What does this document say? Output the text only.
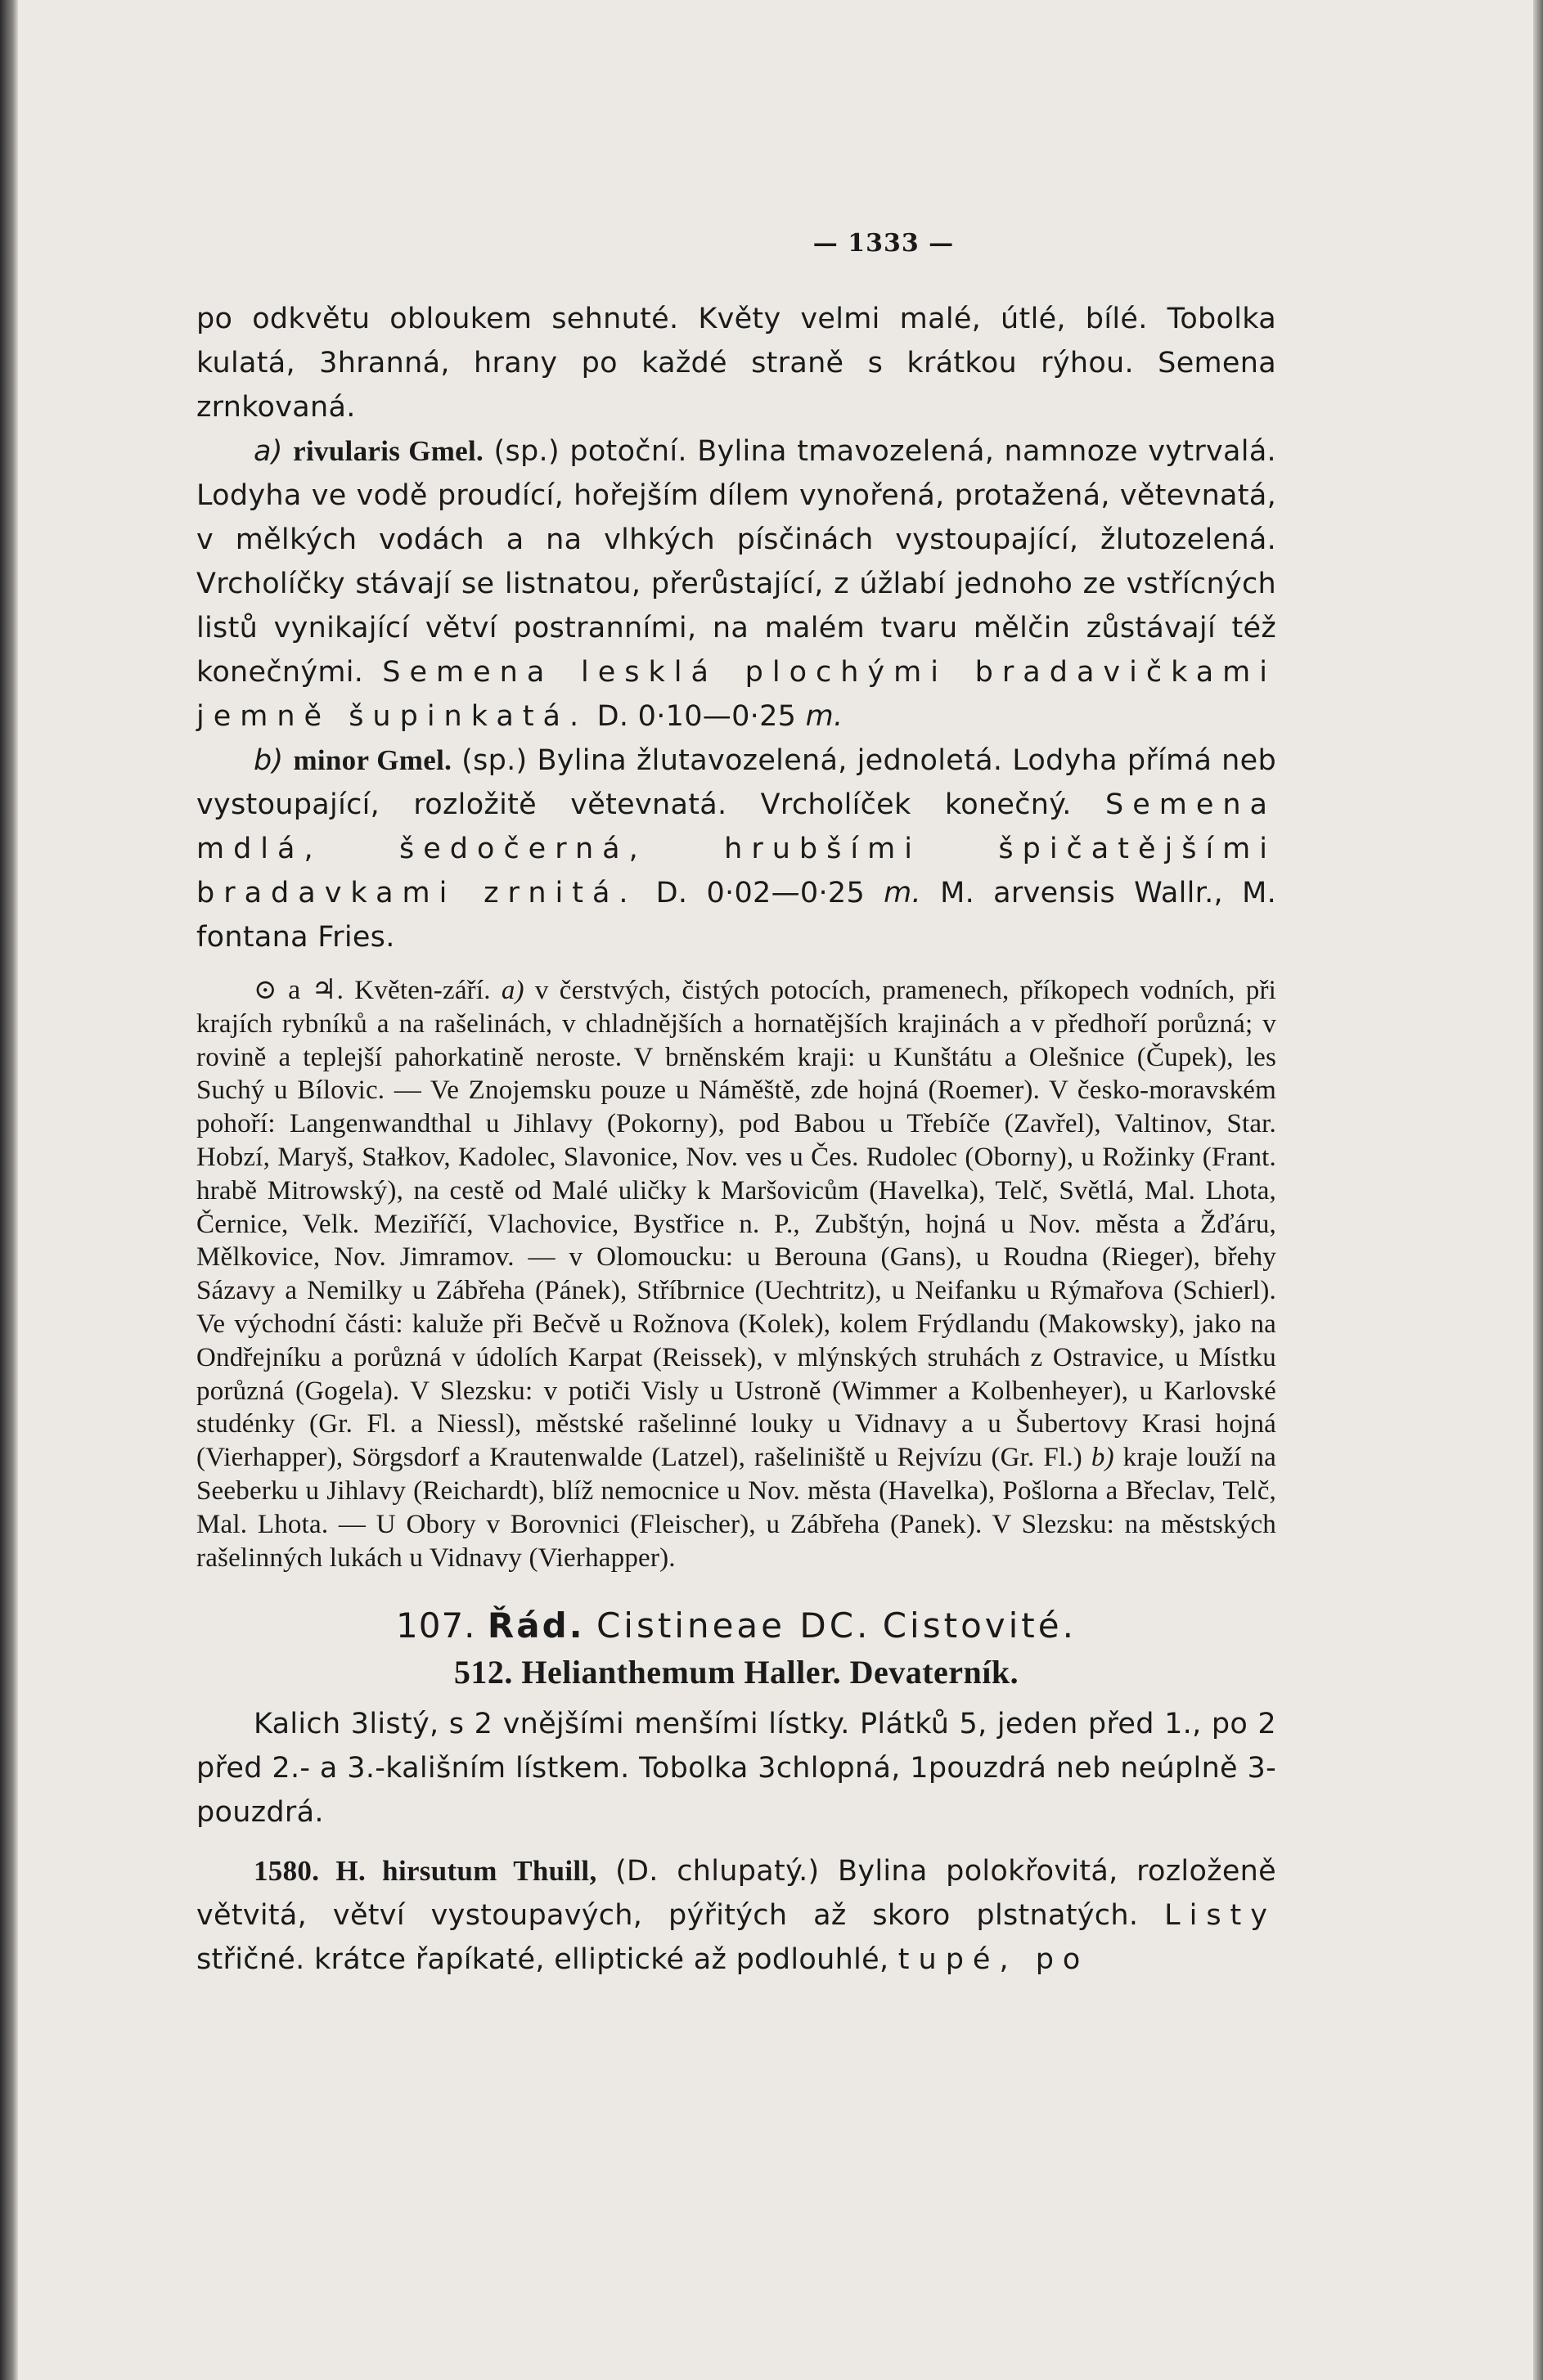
— 1333 —

po odkvětu obloukem sehnuté. Květy velmi malé, útlé, bílé. Tobolka kulatá, 3hranná, hrany po každé straně s krátkou rýhou. Semena zrnkovaná.

a) rivularis Gmel. (sp.) potoční. Bylina tmavozelená, namnoze vytrvalá. Lodyha ve vodě proudící, hořejším dílem vynořená, protažená, větevnatá, v mělkých vodách a na vlhkých písčinách vystoupající, žlutozelená. Vrcholíčky stávají se listnatou, přerůstající, z úžlabí jednoho ze vstřícných listů vynikající větví postranními, na malém tvaru mělčin zůstávají též konečnými. Semena lesklá plochými bradavičkami jemně šupinkatá. D. 0·10—0·25 m.

b) minor Gmel. (sp.) Bylina žlutavozelená, jednoletá. Lodyha přímá neb vystoupající, rozložitě větevnatá. Vrcholíček konečný. Semena mdlá, šedočerná, hrubšími špičatějšími bradavkami zrnitá. D. 0·02—0·25 m. M. arvensis Wallr., M. fontana Fries.

⊙ a ♃. Květen-září. a) v čerstvých, čistých potocích, pramenech, příkopech vodních, při krajích rybníků a na rašelinách, v chladnějších a hornatějších krajinách a v předhoří porůzná; v rovině a teplejší pahorkatině neroste. V brněnském kraji: u Kunštátu a Olešnice (Čupek), les Suchý u Bílovic. — Ve Znojemsku pouze u Náměště, zde hojná (Roemer). V česko-moravském pohoří: Langenwandthal u Jihlavy (Pokorny), pod Babou u Třebíče (Zavřel), Valtinov, Star. Hobzí, Maryš, Stałkov, Kadolec, Slavonice, Nov. ves u Čes. Rudolec (Oborny), u Rožinky (Frant. hrabě Mitrowský), na cestě od Malé uličky k Maršovicům (Havelka), Telč, Světlá, Mal. Lhota, Černice, Velk. Meziříčí, Vlachovice, Bystřice n. P., Zubštýn, hojná u Nov. města a Žďáru, Mělkovice, Nov. Jimramov. — v Olomoucku: u Berouna (Gans), u Roudna (Rieger), břehy Sázavy a Nemilky u Zábřeha (Pánek), Stříbrnice (Uechtritz), u Neifanku u Rýmařova (Schierl). Ve východní části: kaluže při Bečvě u Rožnova (Kolek), kolem Frýdlandu (Makowsky), jako na Ondřejníku a porůzná v údolích Karpat (Reissek), v mlýnských struhách z Ostravice, u Místku porůzná (Gogela). V Slezsku: v potiči Visly u Ustroně (Wimmer a Kolbenheyer), u Karlovské studénky (Gr. Fl. a Niessl), městské rašelinné louky u Vidnavy a u Šubertovy Krasi hojná (Vierhapper), Sörgsdorf a Krautenwalde (Latzel), rašeliniště u Rejvízu (Gr. Fl.) b) kraje louží na Seeberku u Jihlavy (Reichardt), blíž nemocnice u Nov. města (Havelka), Pošlorna a Břeclav, Telč, Mal. Lhota. — U Obory v Borovnici (Fleischer), u Zábřeha (Panek). V Slezsku: na městských rašelinných lukách u Vidnavy (Vierhapper).

107. Řád. Cistineae DC. Cistovité.
512. Helianthemum Haller. Devaterník.

Kalich 3listý, s 2 vnějšími menšími lístky. Plátků 5, jeden před 1., po 2 před 2.- a 3.-kališním lístkem. Tobolka 3chlopná, 1pouzdrá neb neúplně 3-pouzdrá.

1580. H. hirsutum Thuill, (D. chlupatý.) Bylina polokřovitá, rozloženě větvitá, větví vystoupavých, pýřitých až skoro plstnatých. Listy střičné. krátce řapíkaté, elliptické až podlouhlé, tupé, po
